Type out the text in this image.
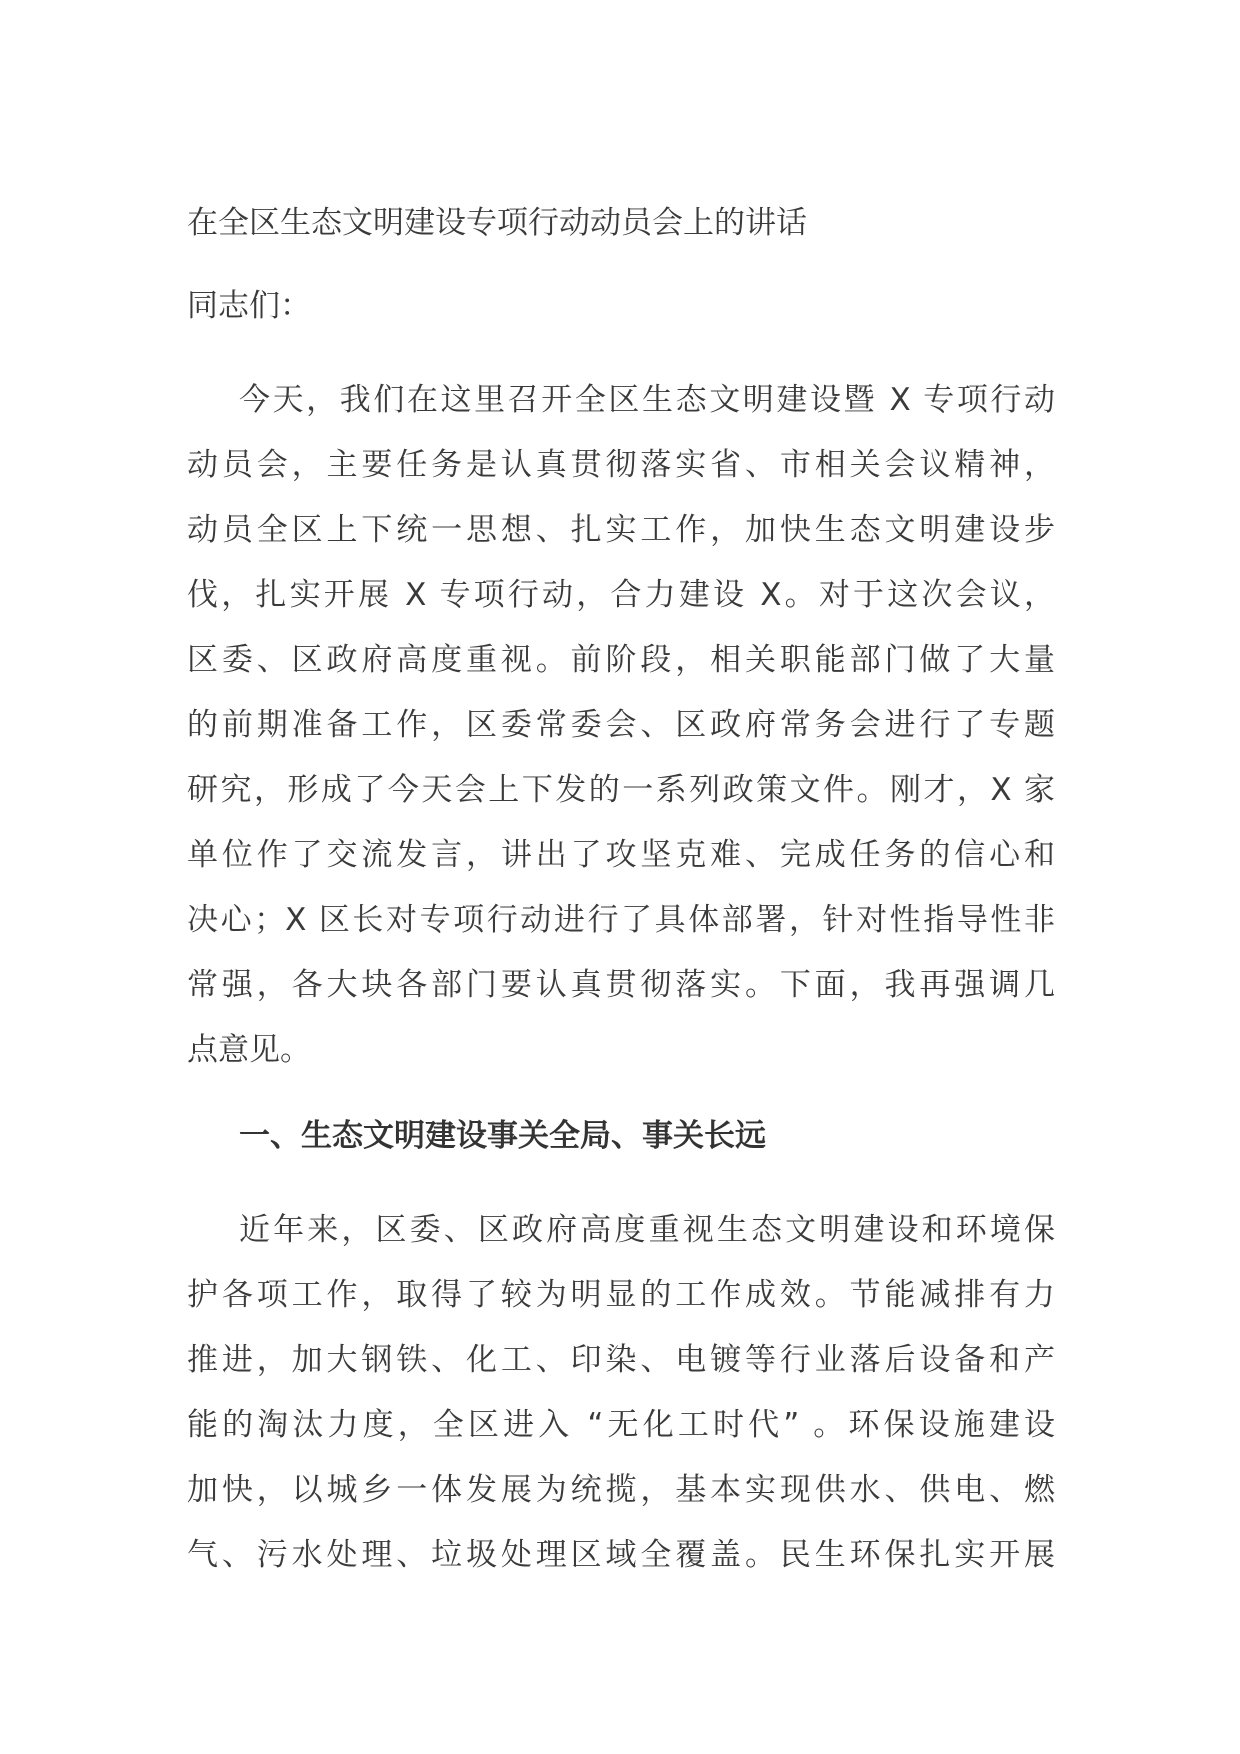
在全区生态文明建设专项行动动员会上的讲话
同志们：
今天，我们在这里召开全区生态文明建设暨 X 专项行动
动员会，主要任务是认真贯彻落实省、市相关会议精神，
动员全区上下统一思想、扎实工作，加快生态文明建设步
伐，扎实开展 X 专项行动，合力建设 X。对于这次会议，
区委、区政府高度重视。前阶段，相关职能部门做了大量
的前期准备工作，区委常委会、区政府常务会进行了专题
研究，形成了今天会上下发的一系列政策文件。刚才，X 家
单位作了交流发言，讲出了攻坚克难、完成任务的信心和
决心；X 区长对专项行动进行了具体部署，针对性指导性非
常强，各大块各部门要认真贯彻落实。下面，我再强调几
点意见。
一、生态文明建设事关全局、事关长远
近年来，区委、区政府高度重视生态文明建设和环境保
护各项工作，取得了较为明显的工作成效。节能减排有力
推进，加大钢铁、化工、印染、电镀等行业落后设备和产
能的淘汰力度，全区进入 “无化工时代” 。环保设施建设
加快，以城乡一体发展为统揽，基本实现供水、供电、燃
气、污水处理、垃圾处理区域全覆盖。民生环保扎实开展
